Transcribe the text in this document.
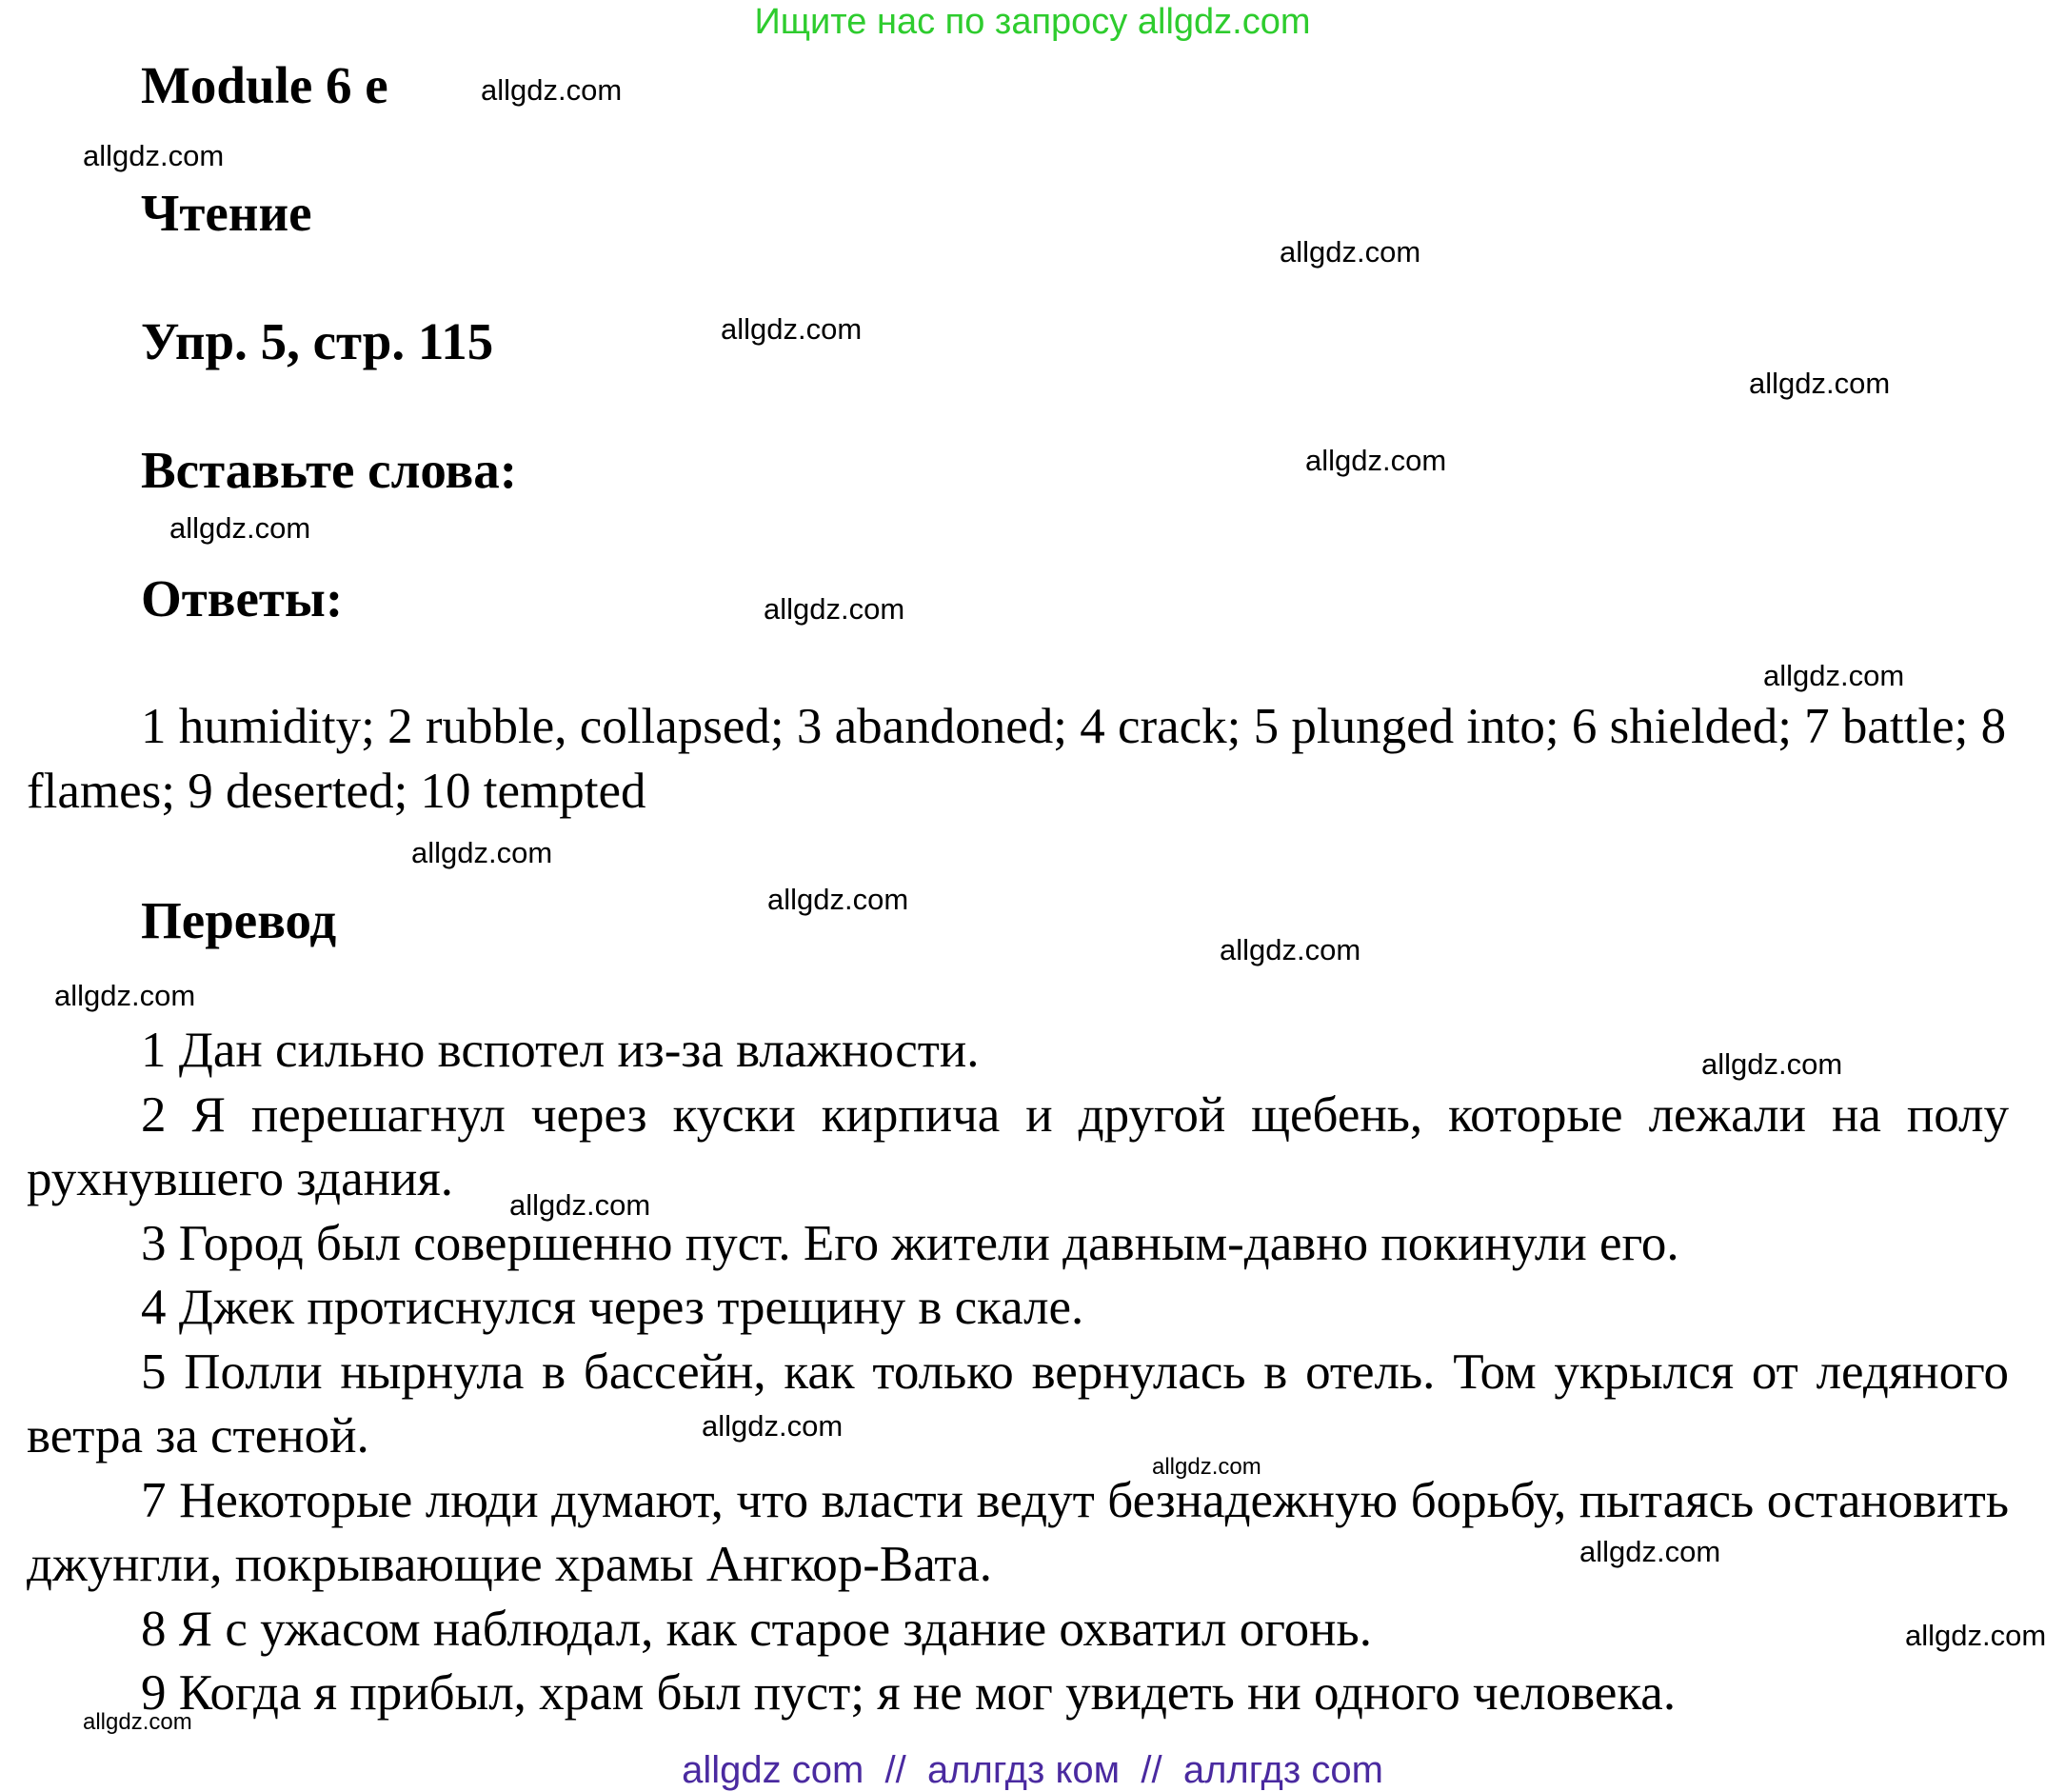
Ищите нас по запросу allgdz.com
Module 6 e
Чтение
Упр. 5, стр. 115
Вставьте слова:
Ответы:

1 humidity; 2 rubble, collapsed; 3 abandoned; 4 crack; 5 plunged into; 6 shielded; 7 battle; 8 flames; 9 deserted; 10 tempted

Перевод

1 Дан сильно вспотел из-за влажности.

2 Я перешагнул через куски кирпича и другой щебень, которые лежали на полу рухнувшего здания.

3 Город был совершенно пуст. Его жители давным-давно покинули его.

4 Джек протиснулся через трещину в скале.

5 Полли нырнула в бассейн, как только вернулась в отель. Том укрылся от ледяного ветра за стеной.

7 Некоторые люди думают, что власти ведут безнадежную борьбу, пытаясь остановить джунгли, покрывающие храмы Ангкор-Вата.

8 Я с ужасом наблюдал, как старое здание охватил огонь.

9 Когда я прибыл, храм был пуст; я не мог увидеть ни одного человека.

allgdz.com
allgdz.com
allgdz.com
allgdz.com
allgdz.com
allgdz.com
allgdz.com
allgdz.com
allgdz.com
allgdz.com
allgdz.com
allgdz.com
allgdz.com
allgdz.com
allgdz.com
allgdz.com
allgdz.com
allgdz.com
allgdz.com
allgdz.com
allgdz com  //  аллгдз ком  //  аллгдз com
